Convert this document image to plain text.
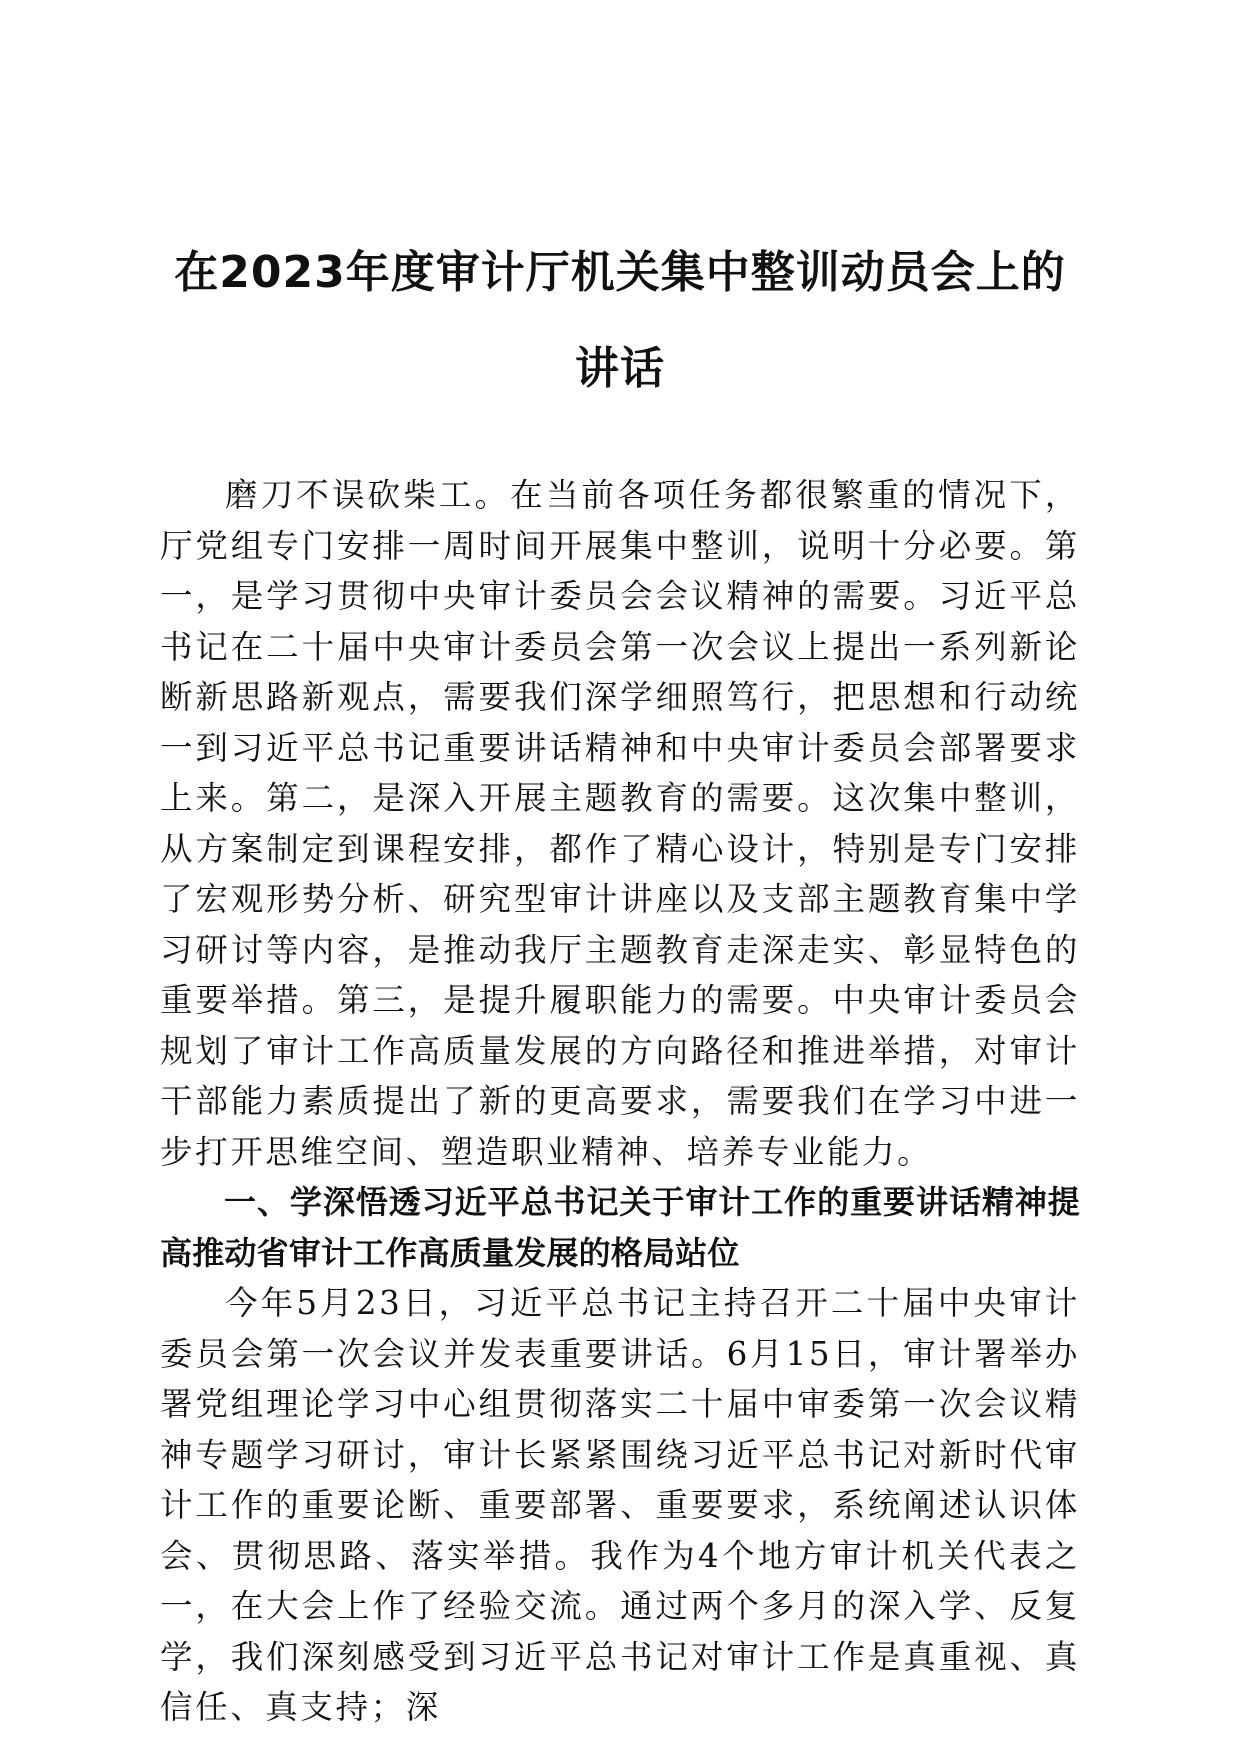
在2023年度审计厅机关集中整训动员会上的讲话

磨刀不误砍柴工。在当前各项任务都很繁重的情况下，厅党组专门安排一周时间开展集中整训，说明十分必要。第一，是学习贯彻中央审计委员会会议精神的需要。习近平总书记在二十届中央审计委员会第一次会议上提出一系列新论断新思路新观点，需要我们深学细照笃行，把思想和行动统一到习近平总书记重要讲话精神和中央审计委员会部署要求上来。第二，是深入开展主题教育的需要。这次集中整训，从方案制定到课程安排，都作了精心设计，特别是专门安排了宏观形势分析、研究型审计讲座以及支部主题教育集中学习研讨等内容，是推动我厅主题教育走深走实、彰显特色的重要举措。第三，是提升履职能力的需要。中央审计委员会规划了审计工作高质量发展的方向路径和推进举措，对审计干部能力素质提出了新的更高要求，需要我们在学习中进一步打开思维空间、塑造职业精神、培养专业能力。

一、学深悟透习近平总书记关于审计工作的重要讲话精神提高推动省审计工作高质量发展的格局站位

今年5月23日，习近平总书记主持召开二十届中央审计委员会第一次会议并发表重要讲话。6月15日，审计署举办署党组理论学习中心组贯彻落实二十届中审委第一次会议精神专题学习研讨，审计长紧紧围绕习近平总书记对新时代审计工作的重要论断、重要部署、重要要求，系统阐述认识体会、贯彻思路、落实举措。我作为4个地方审计机关代表之一，在大会上作了经验交流。通过两个多月的深入学、反复学，我们深刻感受到习近平总书记对审计工作是真重视、真信任、真支持；深
